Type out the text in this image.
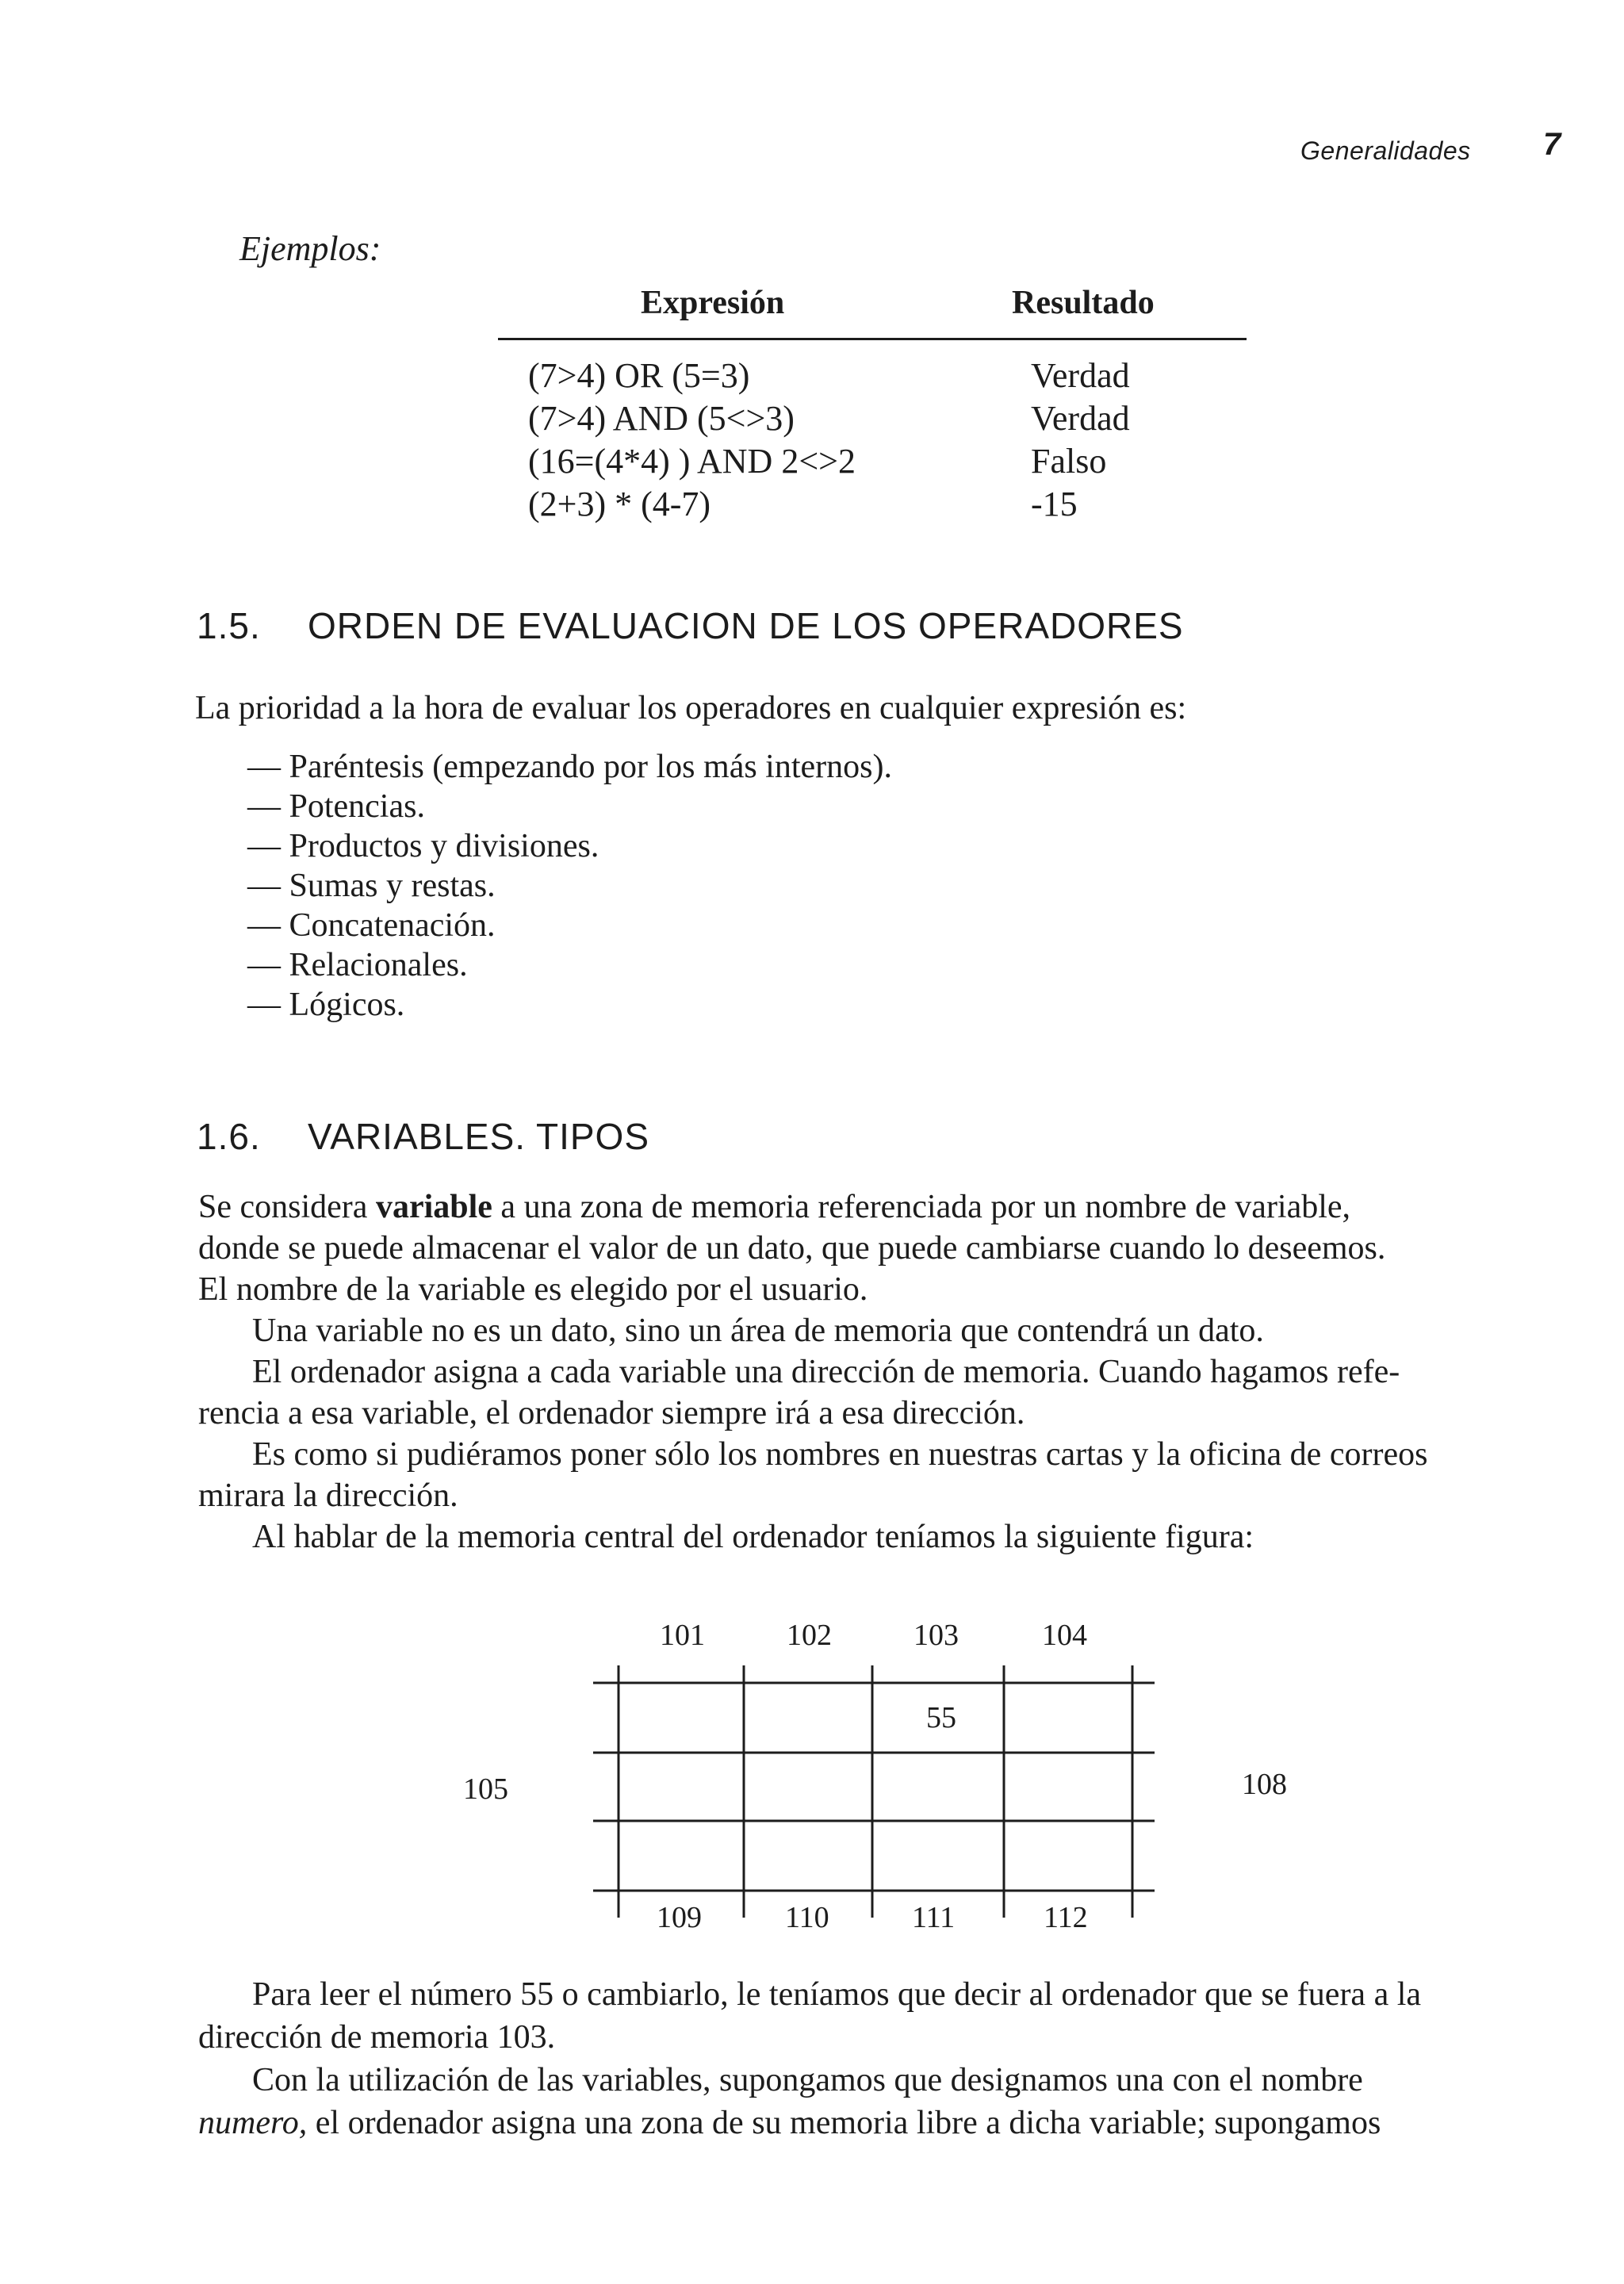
Generalidades 7
Ejemplos:
Expresión	Resultado
(7>4) OR (5=3)	Verdad
(7>4) AND (5<>3)	Verdad
(16=(4*4) ) AND 2<>2	Falso
(2+3) * (4-7)	-15
1.5. ORDEN DE EVALUACION DE LOS OPERADORES
La prioridad a la hora de evaluar los operadores en cualquier expresión es:
— Paréntesis (empezando por los más internos).
— Potencias.
— Productos y divisiones.
— Sumas y restas.
— Concatenación.
— Relacionales.
— Lógicos.
1.6. VARIABLES. TIPOS

Se considera variable a una zona de memoria referenciada por un nombre de variable,

donde se puede almacenar el valor de un dato, que puede cambiarse cuando lo deseemos.

El nombre de la variable es elegido por el usuario.

Una variable no es un dato, sino un área de memoria que contendrá un dato.

El ordenador asigna a cada variable una dirección de memoria. Cuando hagamos refe-

rencia a esa variable, el ordenador siempre irá a esa dirección.

Es como si pudiéramos poner sólo los nombres en nuestras cartas y la oficina de correos

mirara la dirección.

Al hablar de la memoria central del ordenador teníamos la siguiente figura:

101	102	103	104
55
105	108
109	110	111	112

Para leer el número 55 o cambiarlo, le teníamos que decir al ordenador que se fuera a la

dirección de memoria 103.

Con la utilización de las variables, supongamos que designamos una con el nombre

numero, el ordenador asigna una zona de su memoria libre a dicha variable; supongamos
